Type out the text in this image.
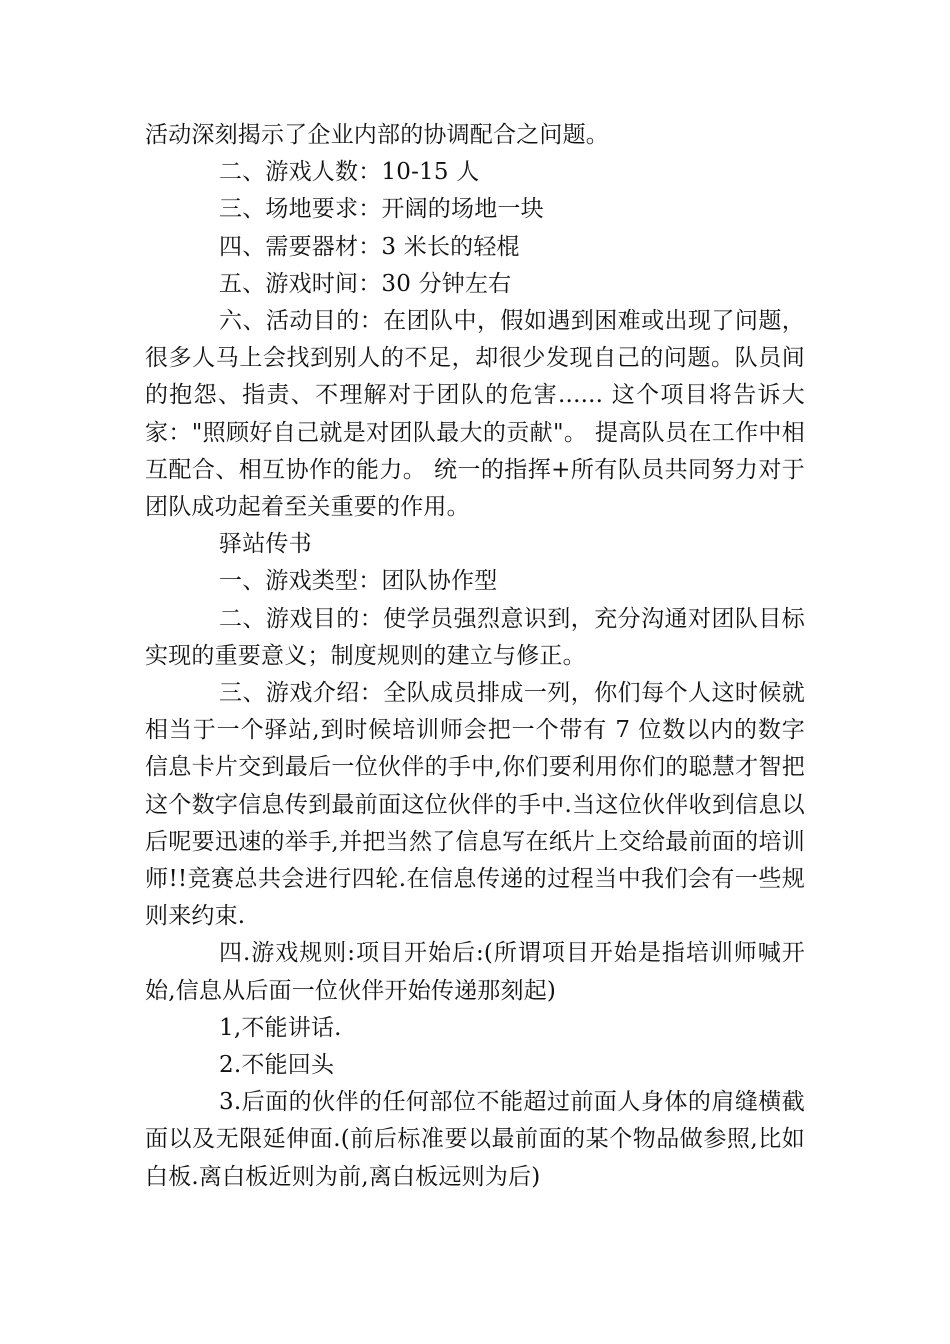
活动深刻揭示了企业内部的协调配合之问题。

二、游戏人数：10-15 人

三、场地要求：开阔的场地一块

四、需要器材：3 米长的轻棍

五、游戏时间：30 分钟左右

六、活动目的：在团队中，假如遇到困难或出现了问题，很多人马上会找到别人的不足，却很少发现自己的问题。队员间的抱怨、指责、不理解对于团队的危害...... 这个项目将告诉大家："照顾好自己就是对团队最大的贡献"。 提高队员在工作中相互配合、相互协作的能力。 统一的指挥+所有队员共同努力对于团队成功起着至关重要的作用。

驿站传书

一、游戏类型：团队协作型

二、游戏目的：使学员强烈意识到，充分沟通对团队目标实现的重要意义；制度规则的建立与修正。

三、游戏介绍：全队成员排成一列，你们每个人这时候就相当于一个驿站,到时候培训师会把一个带有 7 位数以内的数字信息卡片交到最后一位伙伴的手中,你们要利用你们的聪慧才智把这个数字信息传到最前面这位伙伴的手中.当这位伙伴收到信息以后呢要迅速的举手,并把当然了信息写在纸片上交给最前面的培训师!!竞赛总共会进行四轮.在信息传递的过程当中我们会有一些规则来约束.

四.游戏规则:项目开始后:(所谓项目开始是指培训师喊开始,信息从后面一位伙伴开始传递那刻起)

1,不能讲话.

2.不能回头

3.后面的伙伴的任何部位不能超过前面人身体的肩缝横截面以及无限延伸面.(前后标准要以最前面的某个物品做参照,比如白板.离白板近则为前,离白板远则为后)
